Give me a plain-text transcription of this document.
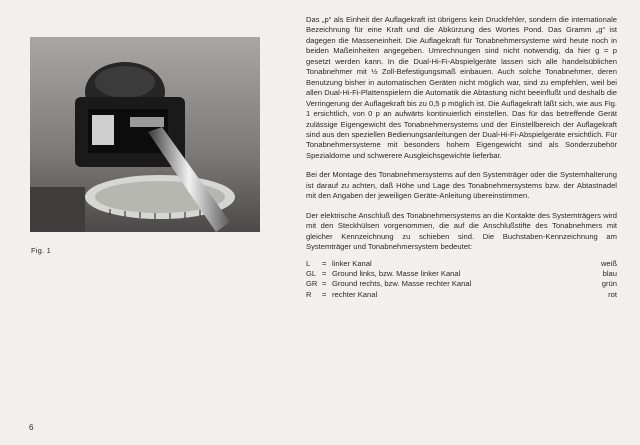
Fig. 1

Das „p“ als Einheit der Auflagekraft ist übrigens kein Druckfehler, sondern die internationale Bezeichnung für eine Kraft und die Abkürzung des Wortes Pond. Das Gramm „g“ ist dagegen die Masseneinheit. Die Auflagekraft für Tonabnehmersysteme wird heute noch in beiden Maßeinheiten angegeben. Umrechnungen sind nicht notwendig, da hier g = p gesetzt werden kann. In die Dual-Hi-Fi-Abspielgeräte lassen sich alle handelsüblichen Tonabnehmer mit ½ Zoll-Befestigungsmaß einbauen. Auch solche Tonabnehmer, deren Benutzung bisher in automatischen Geräten nicht möglich war, sind zu empfehlen, weil bei allen Dual-Hi-Fi-Plattenspielern die Automatik die Abtastung nicht beeinflußt und deshalb die Verringerung der Auflagekraft bis zu 0,5 p möglich ist. Die Auflagekraft läßt sich, wie aus Fig. 1 ersichtlich, von 0 p an aufwärts kontinuierlich einstellen. Das für das betreffende Gerät zulässige Eigengewicht des Tonabnehmersystems und der Einstellbereich der Auflagekraft sind aus den speziellen Bedienungsanleitungen der Dual-Hi-Fi-Abspielgeräte ersichtlich. Für Tonabnehmersysteme mit besonders hohem Eigengewicht sind als Sonderzubehör Spezialdorne und schwerere Ausgleichsgewichte lieferbar.

Bei der Montage des Tonabnehmersystems auf den Systemträger oder die Systemhalterung ist darauf zu achten, daß Höhe und Lage des Tonabnehmersystems bzw. der Abtastnadel mit den Angaben der jeweiligen Geräte-Anleitung übereinstimmen.

Der elektrische Anschluß des Tonabnehmersystems an die Kontakte des Systemträgers wird mit den Steckhülsen vorgenommen, die auf die Anschlußstifte des Tonabnehmers mit gleicher Kennzeichnung zu schieben sind. Die Buchstaben-Kennzeichnung am Systemträger und Tonabnehmersystem bedeutet:

L	=	linker Kanal	weiß
GL	=	Ground links, bzw. Masse linker Kanal	blau
GR	=	Ground rechts, bzw. Masse rechter Kanal	grün
R	=	rechter Kanal	rot
6
